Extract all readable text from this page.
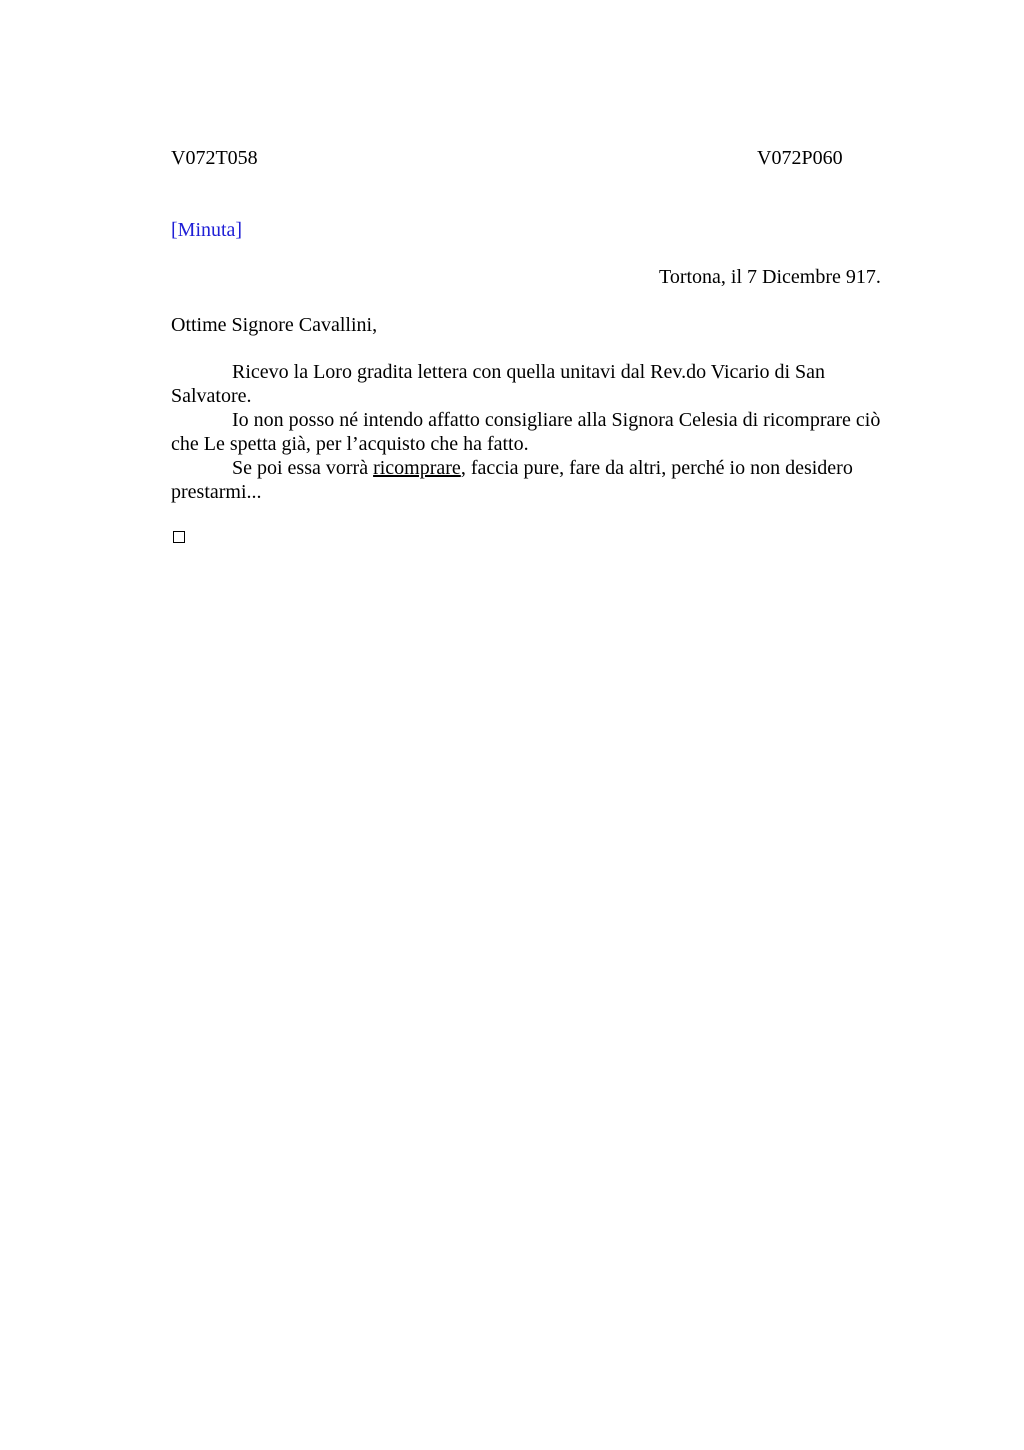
V072T058	V072P060
[Minuta]
Tortona, il 7 Dicembre 917.
Ottime Signore Cavallini,

Ricevo la Loro gradita lettera con quella unitavi dal Rev.do Vicario di San Salvatore.

Io non posso né intendo affatto consigliare alla Signora Celesia di ricomprare ciò che Le spetta già, per l’acquisto che ha fatto.

Se poi essa vorrà ricomprare, faccia pure, fare da altri, perché io non desidero prestarmi...
